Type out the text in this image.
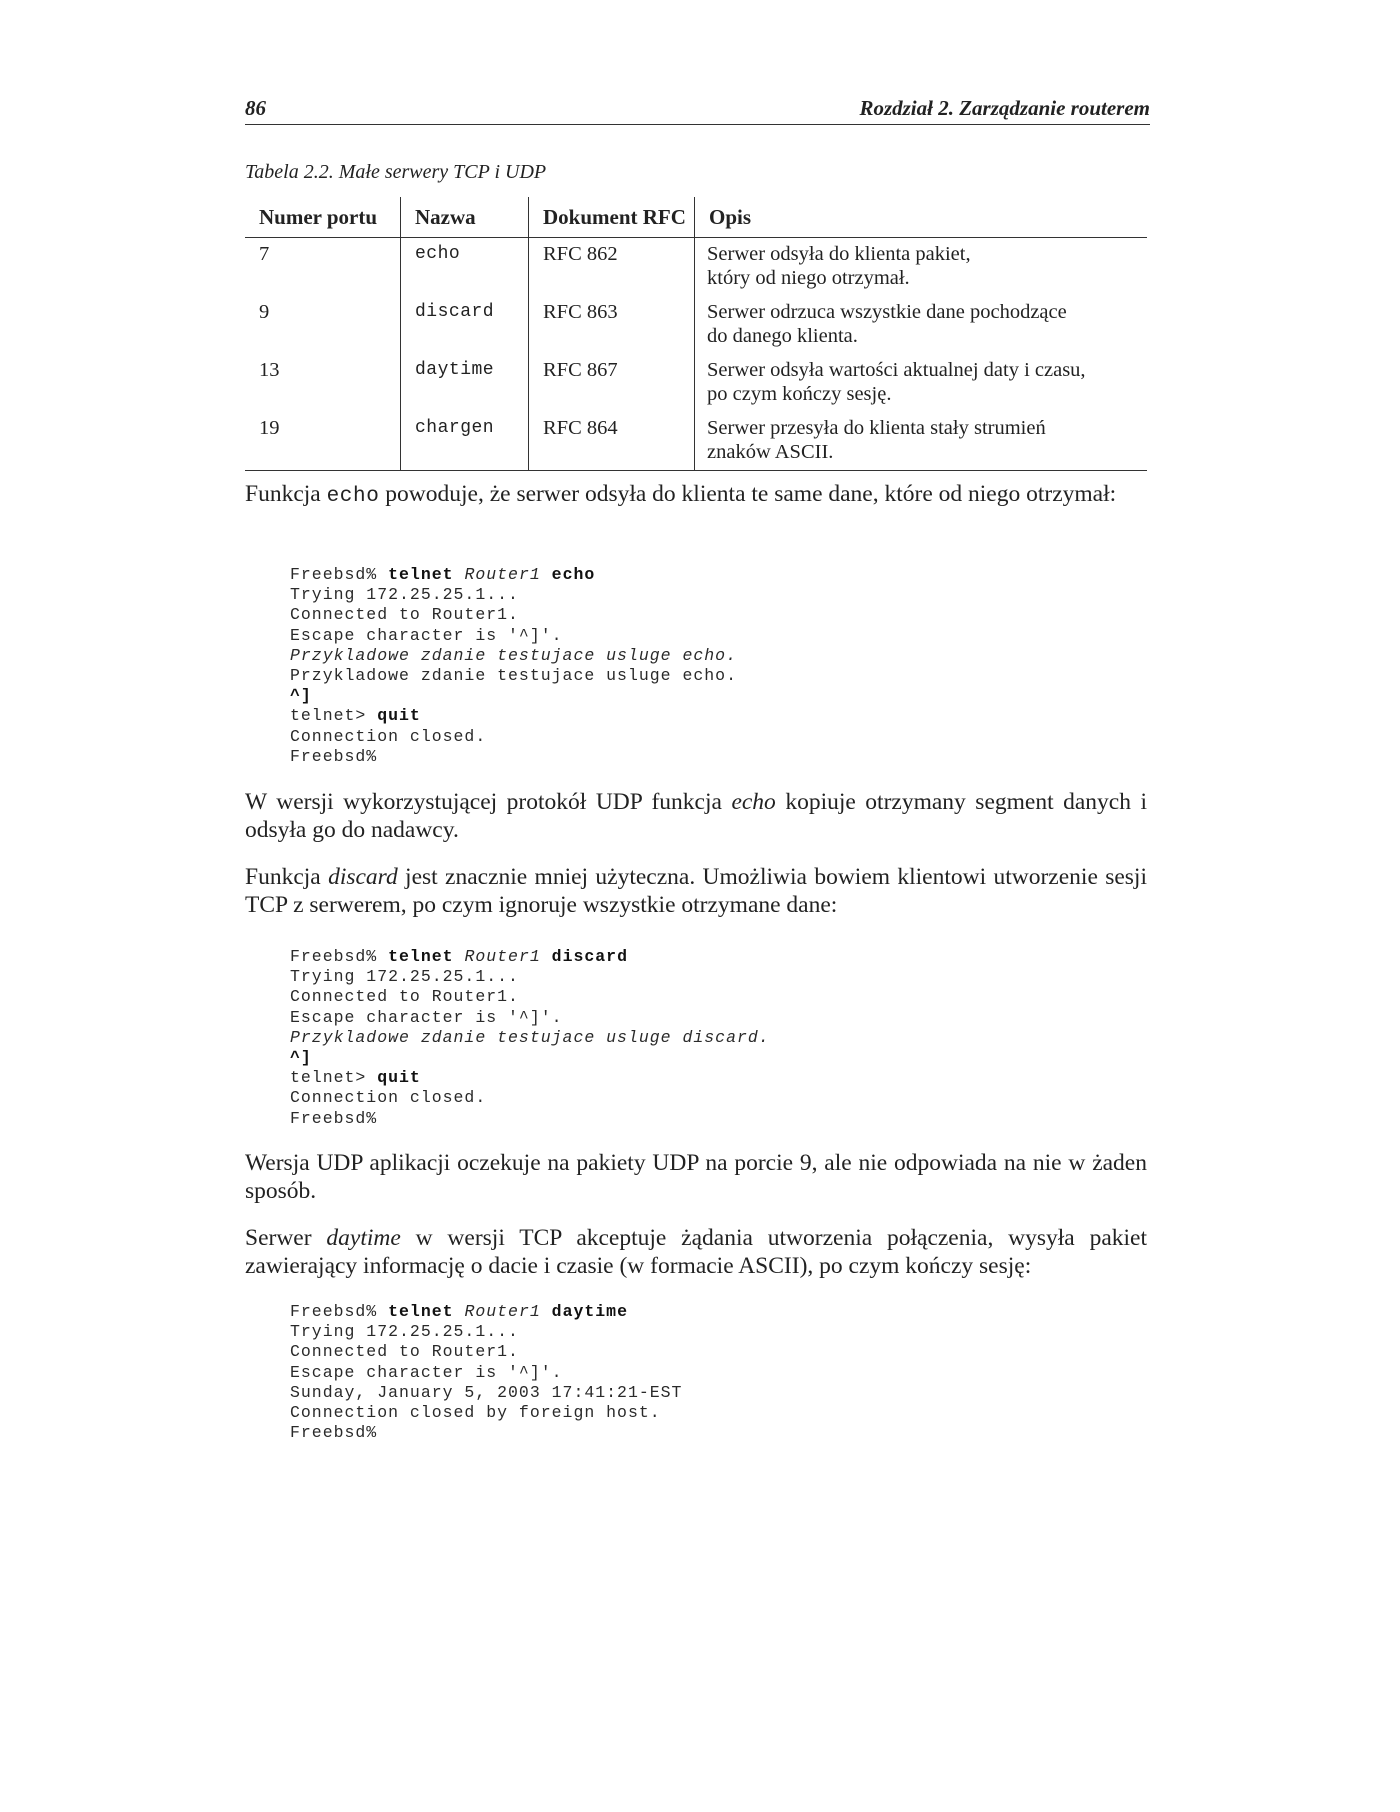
86	Rozdział 2. Zarządzanie routerem
Tabela 2.2. Małe serwery TCP i UDP
Numer portu	Nazwa	Dokument RFC	Opis
7	echo	RFC 862	Serwer odsyła do klienta pakiet,
który od niego otrzymał.
9	discard	RFC 863	Serwer odrzuca wszystkie dane pochodzące
do danego klienta.
13	daytime	RFC 867	Serwer odsyła wartości aktualnej daty i czasu,
po czym kończy sesję.
19	chargen	RFC 864	Serwer przesyła do klienta stały strumień
znaków ASCII.

Funkcja echo powoduje, że serwer odsyła do klienta te same dane, które od niego otrzymał:

Freebsd% telnet Router1 echo
Trying 172.25.25.1...
Connected to Router1.
Escape character is '^]'.
Przykladowe zdanie testujace usluge echo.
Przykladowe zdanie testujace usluge echo.
^]
telnet> quit
Connection closed.
Freebsd%

W wersji wykorzystującej protokół UDP funkcja echo kopiuje otrzymany segment danych i odsyła go do nadawcy.

Funkcja discard jest znacznie mniej użyteczna. Umożliwia bowiem klientowi utworzenie sesji TCP z serwerem, po czym ignoruje wszystkie otrzymane dane:

Freebsd% telnet Router1 discard
Trying 172.25.25.1...
Connected to Router1.
Escape character is '^]'.
Przykladowe zdanie testujace usluge discard.
^]
telnet> quit
Connection closed.
Freebsd%

Wersja UDP aplikacji oczekuje na pakiety UDP na porcie 9, ale nie odpowiada na nie w żaden sposób.

Serwer daytime w wersji TCP akceptuje żądania utworzenia połączenia, wysyła pakiet zawierający informację o dacie i czasie (w formacie ASCII), po czym kończy sesję:

Freebsd% telnet Router1 daytime
Trying 172.25.25.1...
Connected to Router1.
Escape character is '^]'.
Sunday, January 5, 2003 17:41:21-EST
Connection closed by foreign host.
Freebsd%
